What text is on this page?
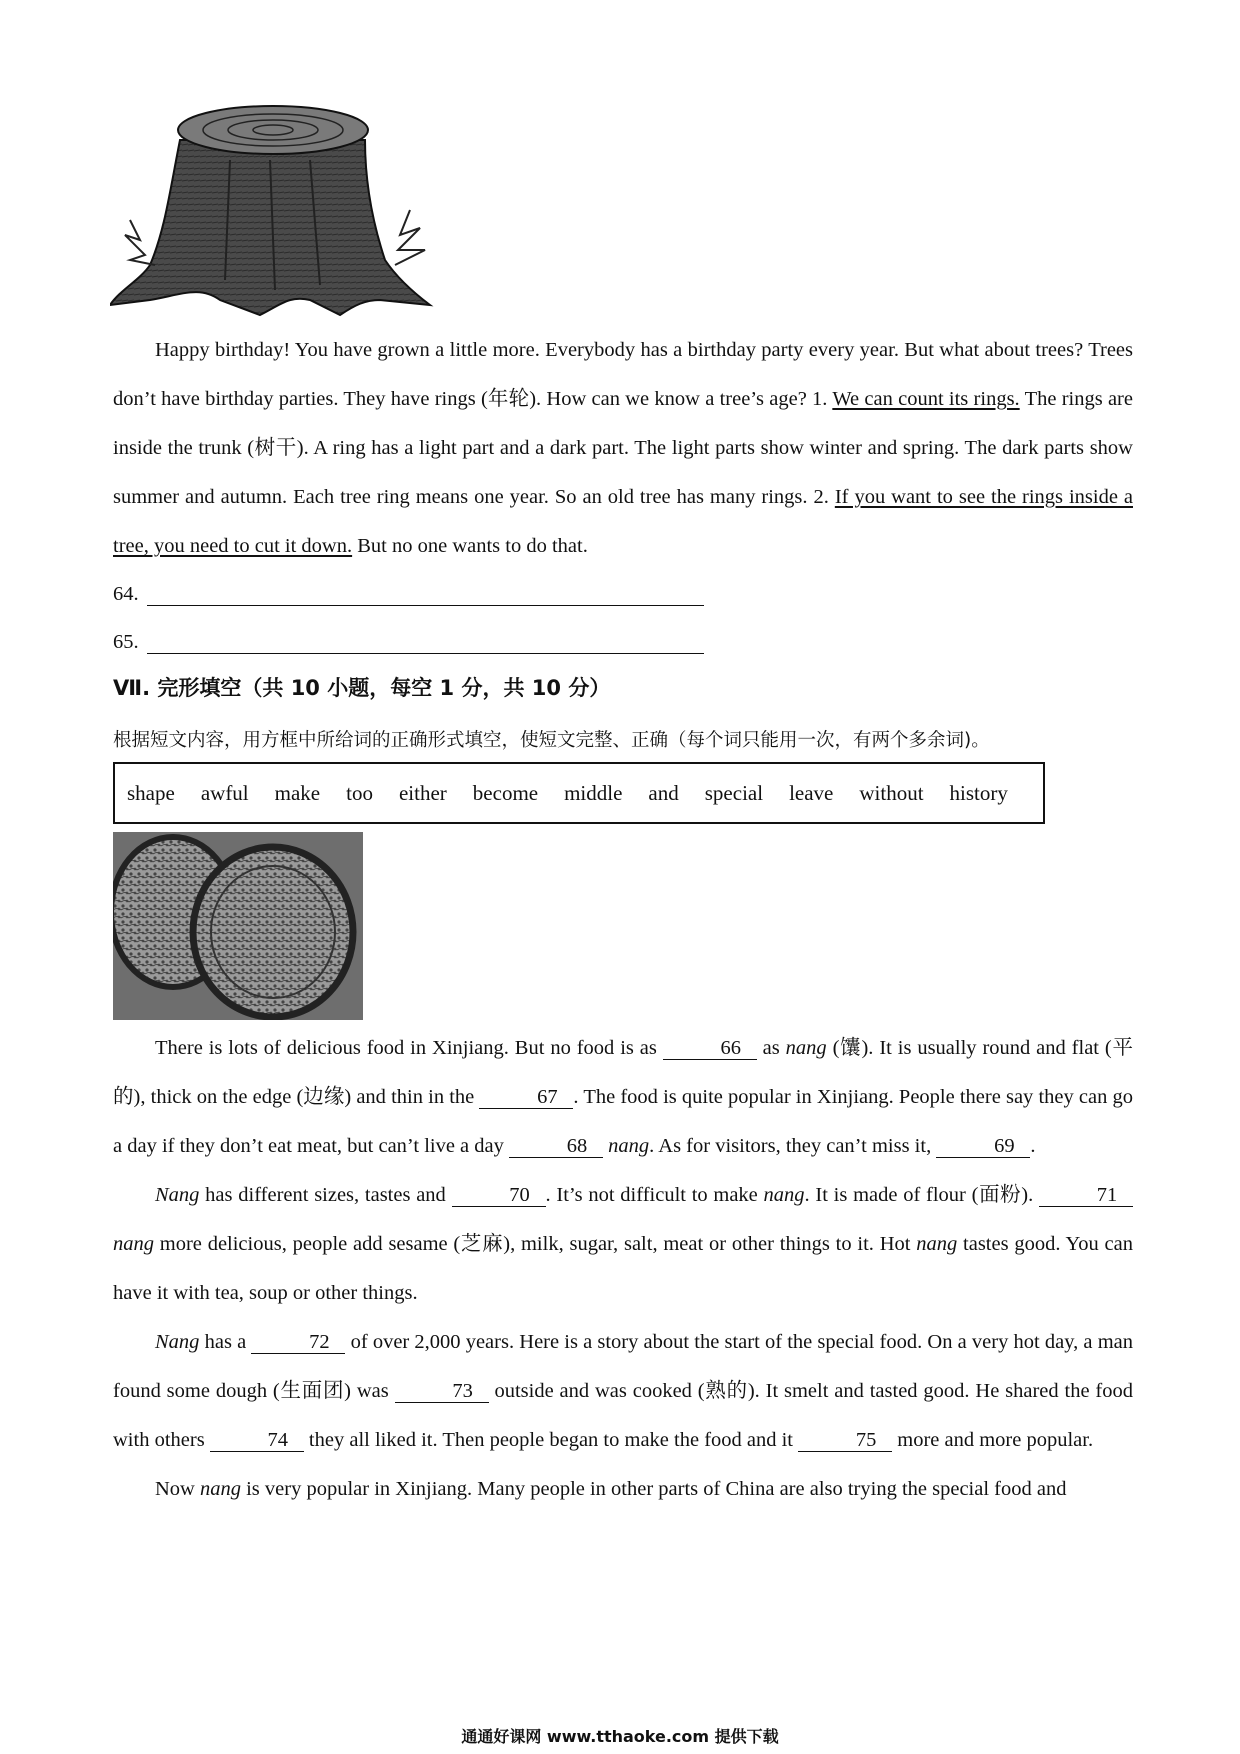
Happy birthday! You have grown a little more. Everybody has a birthday party every year. But what about trees? Trees don’t have birthday parties. They have rings (年轮). How can we know a tree’s age? 1. We can count its rings. The rings are inside the trunk (树干). A ring has a light part and a dark part. The light parts show winter and spring. The dark parts show summer and autumn. Each tree ring means one year. So an old tree has many rings. 2. If you want to see the rings inside a tree, you need to cut it down. But no one wants to do that.

64.
65.
Ⅶ. 完形填空（共 10 小题，每空 1 分，共 10 分）
根据短文内容，用方框中所给词的正确形式填空，使短文完整、正确（每个词只能用一次，有两个多余词)。
shape awful make too either become middle and special leave without history

There is lots of delicious food in Xinjiang. But no food is as	66 as nang (馕). It is usually round and flat (平的), thick on the edge (边缘) and thin in the	67 . The food is quite popular in Xinjiang. People there say they can go a day if they don’t eat meat, but can’t live a day	68 nang. As for visitors, they can’t miss it,	69 .

Nang has different sizes, tastes and	70 . It’s not difficult to make nang. It is made of flour (面粉).	71 nang more delicious, people add sesame (芝麻), milk, sugar, salt, meat or other things to it. Hot nang tastes good. You can have it with tea, soup or other things.

Nang has a	72 of over 2,000 years. Here is a story about the start of the special food. On a very hot day, a man found some dough (生面团) was	73 outside and was cooked (熟的). It smelt and tasted good. He shared the food with others	74 they all liked it. Then people began to make the food and it	75 more and more popular.

Now nang is very popular in Xinjiang. Many people in other parts of China are also trying the special food and

通通好课网 www.tthaoke.com 提供下载
